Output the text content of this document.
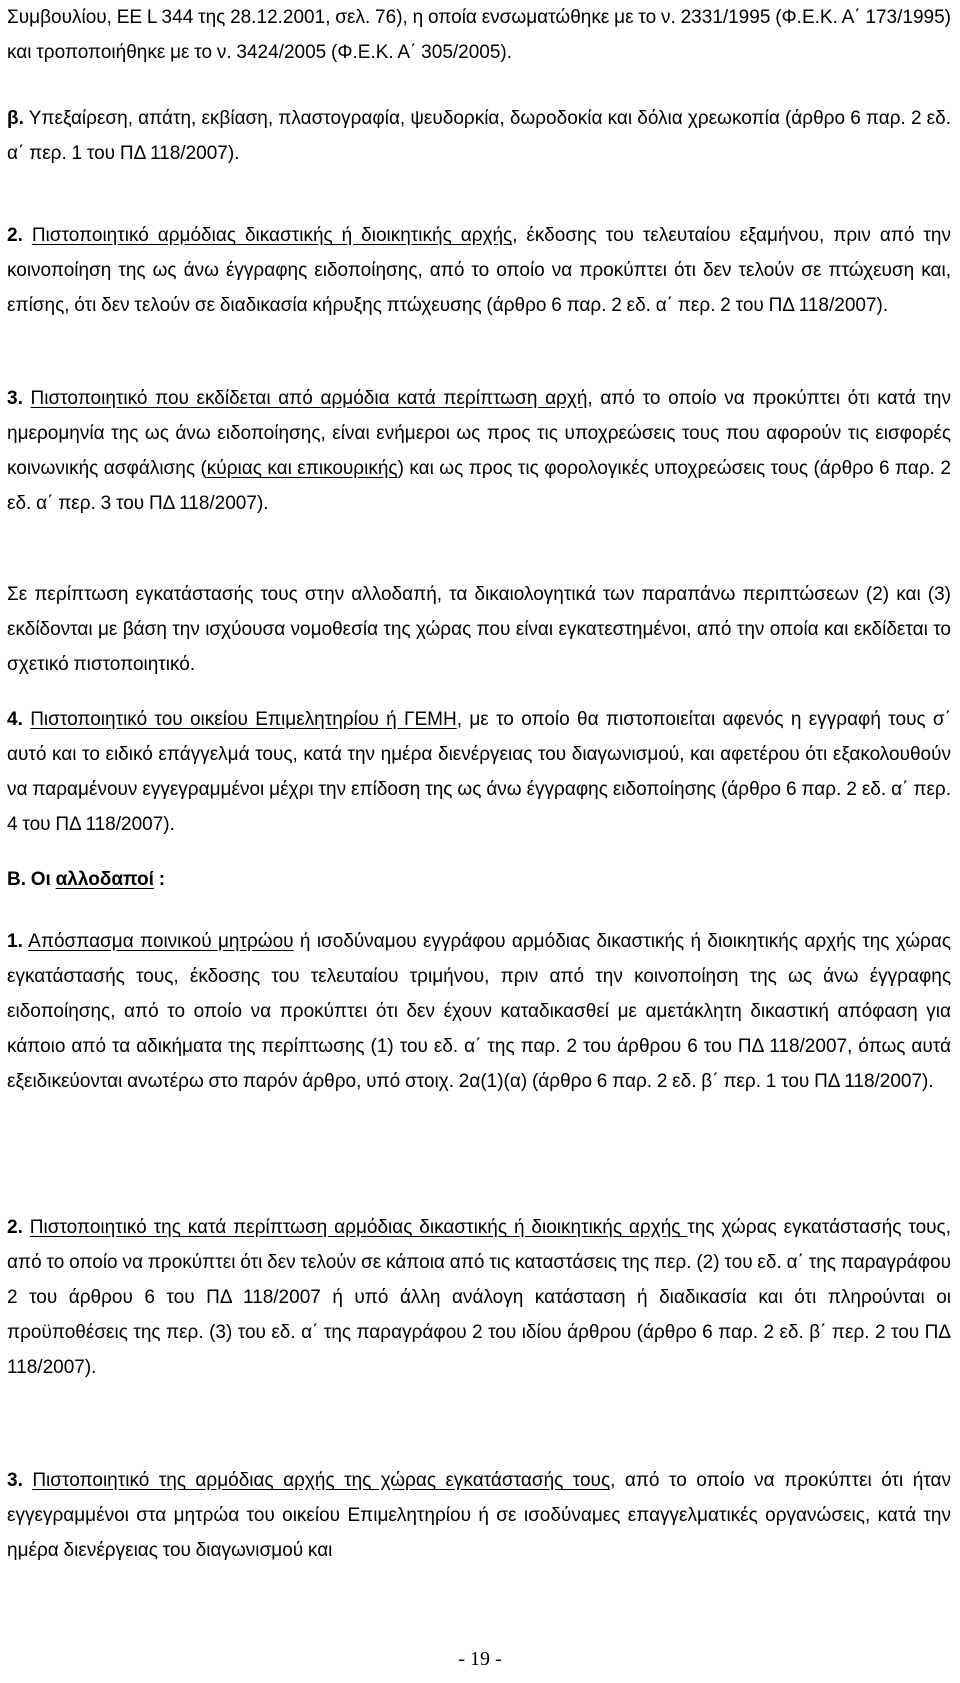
Συμβουλίου, ΕΕ L 344 της 28.12.2001, σελ. 76), η οποία ενσωματώθηκε με το ν. 2331/1995 (Φ.Ε.Κ. Α΄ 173/1995) και τροποποιήθηκε με το ν. 3424/2005 (Φ.Ε.Κ. Α΄ 305/2005).

β. Υπεξαίρεση, απάτη, εκβίαση, πλαστογραφία, ψευδορκία, δωροδοκία και δόλια χρεωκοπία (άρθρο 6 παρ. 2 εδ. α΄ περ. 1 του ΠΔ 118/2007).

2. Πιστοποιητικό αρμόδιας δικαστικής ή διοικητικής αρχής, έκδοσης του τελευταίου εξαμήνου, πριν από την κοινοποίηση της ως άνω έγγραφης ειδοποίησης, από το οποίο να προκύπτει ότι δεν τελούν σε πτώχευση και, επίσης, ότι δεν τελούν σε διαδικασία κήρυξης πτώχευσης (άρθρο 6 παρ. 2 εδ. α΄ περ. 2 του ΠΔ 118/2007).

3. Πιστοποιητικό που εκδίδεται από αρμόδια κατά περίπτωση αρχή, από το οποίο να προκύπτει ότι κατά την ημερομηνία της ως άνω ειδοποίησης, είναι ενήμεροι ως προς τις υποχρεώσεις τους που αφορούν τις εισφορές κοινωνικής ασφάλισης (κύριας και επικουρικής) και ως προς τις φορολογικές υποχρεώσεις τους (άρθρο 6 παρ. 2 εδ. α΄ περ. 3 του ΠΔ 118/2007).

Σε περίπτωση εγκατάστασής τους στην αλλοδαπή, τα δικαιολογητικά των παραπάνω περιπτώσεων (2) και (3) εκδίδονται με βάση την ισχύουσα νομοθεσία της χώρας που είναι εγκατεστημένοι, από την οποία και εκδίδεται το σχετικό πιστοποιητικό.

4. Πιστοποιητικό του οικείου Επιμελητηρίου ή ΓΕΜΗ, με το οποίο θα πιστοποιείται αφενός η εγγραφή τους σ΄ αυτό και το ειδικό επάγγελμά τους, κατά την ημέρα διενέργειας του διαγωνισμού, και αφετέρου ότι εξακολουθούν να παραμένουν εγγεγραμμένοι μέχρι την επίδοση της ως άνω έγγραφης ειδοποίησης (άρθρο 6 παρ. 2 εδ. α΄ περ. 4 του ΠΔ 118/2007).

Β. Οι αλλοδαποί :

1. Απόσπασμα ποινικού μητρώου ή ισοδύναμου εγγράφου αρμόδιας δικαστικής ή διοικητικής αρχής της χώρας εγκατάστασής τους, έκδοσης του τελευταίου τριμήνου, πριν από την κοινοποίηση της ως άνω έγγραφης ειδοποίησης, από το οποίο να προκύπτει ότι δεν έχουν καταδικασθεί με αμετάκλητη δικαστική απόφαση για κάποιο από τα αδικήματα της περίπτωσης (1) του εδ. α΄ της παρ. 2 του άρθρου 6 του ΠΔ 118/2007, όπως αυτά εξειδικεύονται ανωτέρω στο παρόν άρθρο, υπό στοιχ. 2α(1)(α) (άρθρο 6 παρ. 2 εδ. β΄ περ. 1 του ΠΔ 118/2007).

2. Πιστοποιητικό της κατά περίπτωση αρμόδιας δικαστικής ή διοικητικής αρχής της χώρας εγκατάστασής τους, από το οποίο να προκύπτει ότι δεν τελούν σε κάποια από τις καταστάσεις της περ. (2) του εδ. α΄ της παραγράφου 2 του άρθρου 6 του ΠΔ 118/2007 ή υπό άλλη ανάλογη κατάσταση ή διαδικασία και ότι πληρούνται οι προϋποθέσεις της περ. (3) του εδ. α΄ της παραγράφου 2 του ιδίου άρθρου (άρθρο 6 παρ. 2 εδ. β΄ περ. 2 του ΠΔ 118/2007).

3. Πιστοποιητικό της αρμόδιας αρχής της χώρας εγκατάστασής τους, από το οποίο να προκύπτει ότι ήταν εγγεγραμμένοι στα μητρώα του οικείου Επιμελητηρίου ή σε ισοδύναμες επαγγελματικές οργανώσεις, κατά την ημέρα διενέργειας του διαγωνισμού και

- 19 -
